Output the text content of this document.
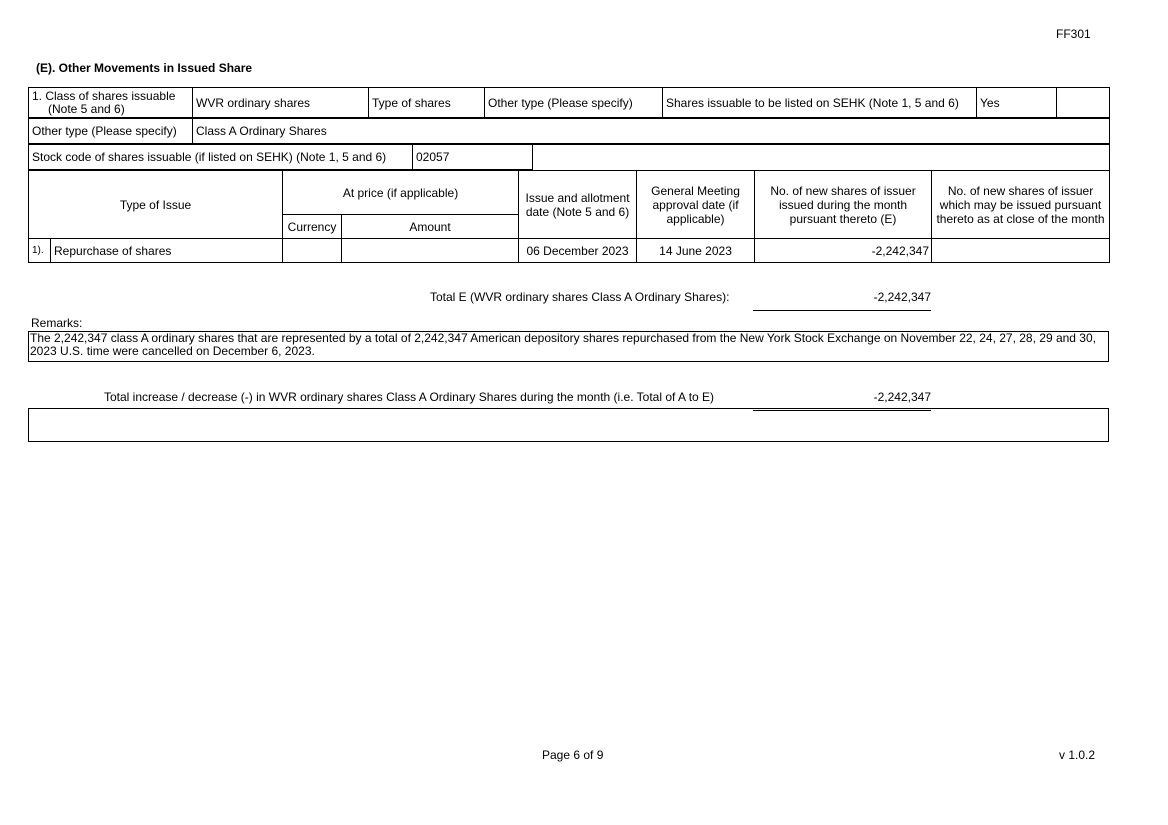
FF301
(E). Other Movements in Issued Share
1. Class of shares issuable
(Note 5 and 6)	WVR ordinary shares	Type of shares	Other type (Please specify)	Shares issuable to be listed on SEHK (Note 1, 5 and 6)	Yes	
Other type (Please specify)	Class A Ordinary Shares
Stock code of shares issuable (if listed on SEHK) (Note 1, 5 and 6)	02057	
Type of Issue		At price (if applicable)		Issue and allotment date (Note 5 and 6)	General Meeting approval date (if applicable)	No. of new shares of issuer issued during the month pursuant thereto (E)	No. of new shares of issuer which may be issued pursuant thereto as at close of the month
		Currency	Amount				
1).	Repurchase of shares			06 December 2023	14 June 2023	-2,242,347	
Total E (WVR ordinary shares Class A Ordinary Shares):	-2,242,347
Remarks:
The 2,242,347 class A ordinary shares that are represented by a total of 2,242,347 American depository shares repurchased from the New York Stock Exchange on November 22, 24, 27, 28, 29 and 30, 2023 U.S. time were cancelled on December 6, 2023.
Total increase / decrease (-) in WVR ordinary shares Class A Ordinary Shares during the month (i.e. Total of A to E)	-2,242,347
Page 6 of 9	v 1.0.2
